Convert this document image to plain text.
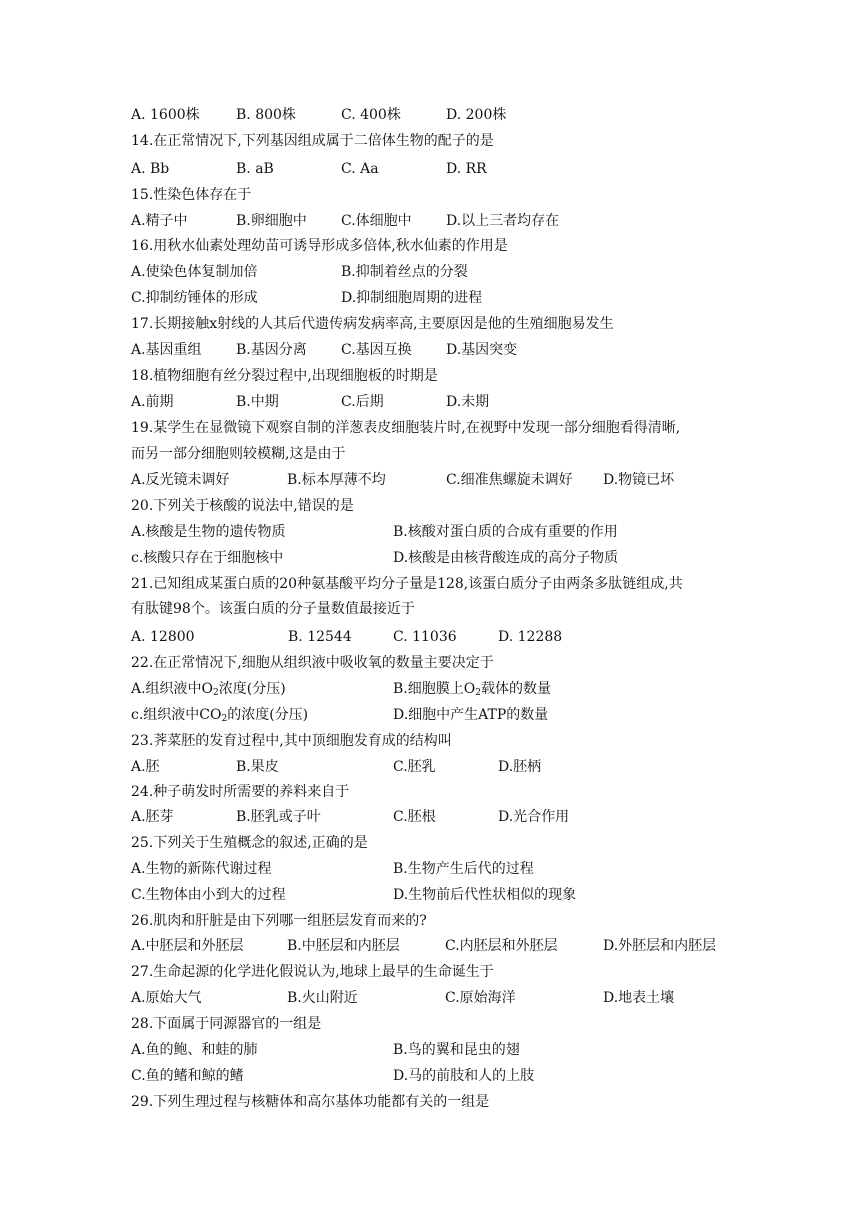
A. 1600株	B. 800株	C. 400株	D. 200株
14.在正常情况下,下列基因组成属于二倍体生物的配子的是
A. Bb	B. aB	C. Aa	D. RR
15.性染色体存在于
A.精子中	B.卵细胞中 C.体细胞中 D.以上三者均存在
16.用秋水仙素处理幼苗可诱导形成多倍体,秋水仙素的作用是
A.使染色体复制加倍	B.抑制着丝点的分裂
C.抑制纺锤体的形成	D.抑制细胞周期的进程
17.长期接触x射线的人其后代遗传病发病率高,主要原因是他的生殖细胞易发生
A.基因重组 B.基因分离 C.基因互换 D.基因突变
18.植物细胞有丝分裂过程中,出现细胞板的时期是
A.前期	B.中期	C.后期	D.未期
19.某学生在显微镜下观察自制的洋葱表皮细胞装片时,在视野中发现一部分细胞看得清晰,
而另一部分细胞则较模糊,这是由于
A.反光镜未调好	B.标本厚薄不均	C.细准焦螺旋未调好 D.物镜已坏
20.下列关于核酸的说法中,错误的是
A.核酸是生物的遗传物质	B.核酸对蛋白质的合成有重要的作用
c.核酸只存在于细胞核中	D.核酸是由核背酸连成的高分子物质
21.已知组成某蛋白质的20种氨基酸平均分子量是128,该蛋白质分子由两条多肽链组成,共
有肽键98个。该蛋白质的分子量数值最接近于
A. 12800	B. 12544	C. 11036	D. 12288
22.在正常情况下,细胞从组织液中吸收氧的数量主要决定于
A.组织液中$O_2$浓度(分压)	B.细胞膜上$O_2$载体的数量
c.组织液中$CO_2$的浓度(分压)	D.细胞中产生ATP的数量
23.荠菜胚的发育过程中,其中顶细胞发育成的结构叫
A.胚	B.果皮	C.胚乳	D.胚柄
24.种子萌发时所需要的养料来自于
A.胚芽	B.胚乳或子叶	C.胚根	D.光合作用
25.下列关于生殖概念的叙述,正确的是
A.生物的新陈代谢过程	B.生物产生后代的过程
C.生物体由小到大的过程	D.生物前后代性状相似的现象
26.肌肉和肝脏是由下列哪一组胚层发育而来的?
A.中胚层和外胚层	B.中胚层和内胚层	C.内胚层和外胚层	D.外胚层和内胚层
27.生命起源的化学进化假说认为,地球上最早的生命诞生于
A.原始大气	B.火山附近	C.原始海洋	D.地表土壤
28.下面属于同源器官的一组是
A.鱼的鲍、和蛙的肺	B.鸟的翼和昆虫的翅
C.鱼的鳍和鲸的鳍	D.马的前肢和人的上肢
29.下列生理过程与核糖体和高尔基体功能都有关的一组是
